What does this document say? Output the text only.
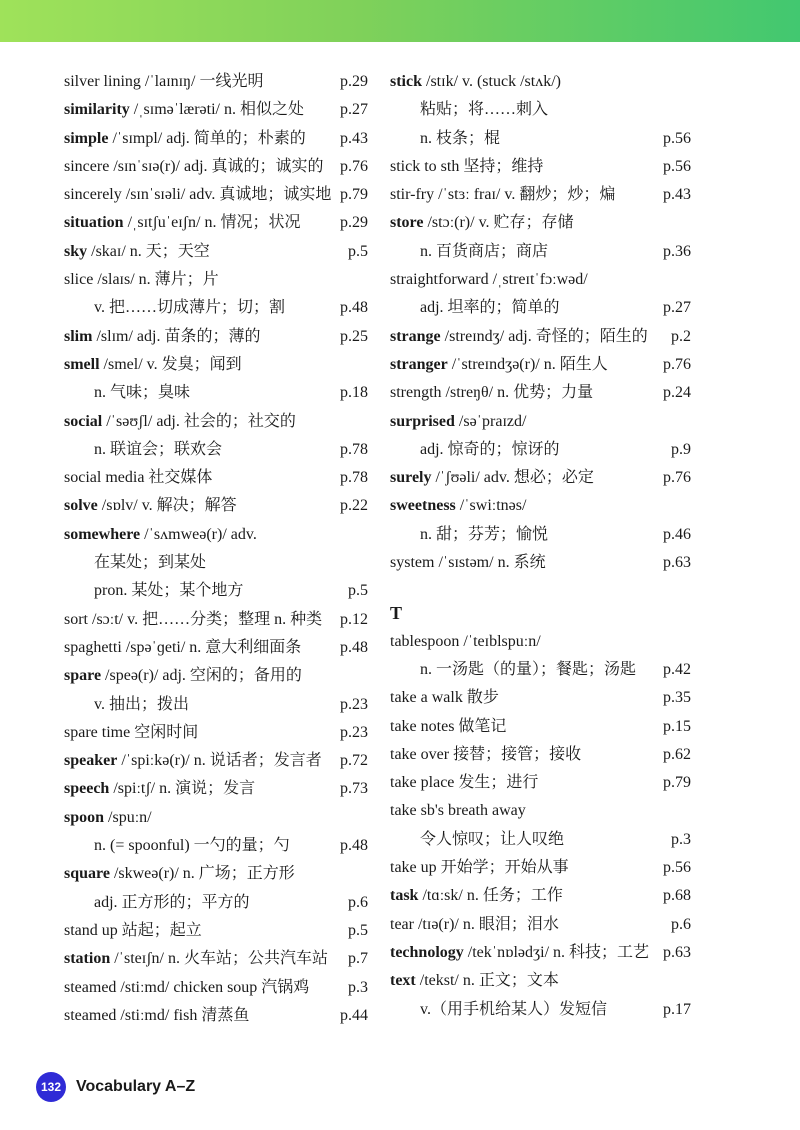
silver lining /ˈlaɪnɪŋ/ 一线光明	p.29
similarity /ˌsɪməˈlærəti/ n. 相似之处 p.27
simple /ˈsɪmpl/ adj. 简单的；朴素的 p.43
sincere /sɪnˈsɪə(r)/ adj. 真诚的；诚实的 p.76
sincerely /sɪnˈsɪəli/ adv. 真诚地；诚实地 p.79
situation /ˌsɪtʃuˈeɪʃn/ n. 情况；状况 p.29
sky /skaɪ/ n. 天；天空	p.5
slice /slaɪs/ n. 薄片；片
v. 把……切成薄片；切；割	p.48
slim /slɪm/ adj. 苗条的；薄的	p.25
smell /smel/ v. 发臭；闻到
n. 气味；臭味	p.18
social /ˈsəʊʃl/ adj. 社会的；社交的
n. 联谊会；联欢会	p.78
social media 社交媒体	p.78
solve /sɒlv/ v. 解决；解答	p.22
somewhere /ˈsʌmweə(r)/ adv.
在某处；到某处
pron. 某处；某个地方	p.5
sort /sɔːt/ v. 把……分类；整理 n. 种类 p.12
spaghetti /spəˈɡeti/ n. 意大利细面条 p.48
spare /speə(r)/ adj. 空闲的；备用的
v. 抽出；拨出	p.23
spare time 空闲时间	p.23
speaker /ˈspiːkə(r)/ n. 说话者；发言者 p.72
speech /spiːtʃ/ n. 演说；发言	p.73
spoon /spuːn/
n. (= spoonful) 一勺的量；勺	p.48
square /skweə(r)/ n. 广场；正方形
adj. 正方形的；平方的	p.6
stand up 站起；起立	p.5
station /ˈsteɪʃn/ n. 火车站；公共汽车站 p.7
steamed /stiːmd/ chicken soup 汽锅鸡 p.3
steamed /stiːmd/ fish 清蒸鱼	p.44
stick /stɪk/ v. (stuck /stʌk/)
粘贴；将……刺入
n. 枝条；棍	p.56
stick to sth 坚持；维持	p.56
stir-fry /ˈstɜː fraɪ/ v. 翻炒；炒；煸	p.43
store /stɔː(r)/ v. 贮存；存储
n. 百货商店；商店	p.36
straightforward /ˌstreɪtˈfɔːwəd/
adj. 坦率的；简单的	p.27
strange /streɪndʒ/ adj. 奇怪的；陌生的 p.2
stranger /ˈstreɪndʒə(r)/ n. 陌生人	p.76
strength /streŋθ/ n. 优势；力量	p.24
surprised /səˈpraɪzd/
adj. 惊奇的；惊讶的	p.9
surely /ˈʃʊəli/ adv. 想必；必定	p.76
sweetness /ˈswiːtnəs/
n. 甜；芬芳；愉悦	p.46
system /ˈsɪstəm/ n. 系统	p.63
T
tablespoon /ˈteɪblspuːn/
n. 一汤匙（的量）；餐匙；汤匙 p.42
take a walk 散步	p.35
take notes 做笔记	p.15
take over 接替；接管；接收	p.62
take place 发生；进行	p.79
take sb's breath away
令人惊叹；让人叹绝	p.3
take up 开始学；开始从事	p.56
task /tɑːsk/ n. 任务；工作	p.68
tear /tɪə(r)/ n. 眼泪；泪水	p.6
technology /tekˈnɒlədʒi/ n. 科技；工艺 p.63
text /tekst/ n. 正文；文本
v.（用手机给某人）发短信	p.17
132 Vocabulary A–Z
